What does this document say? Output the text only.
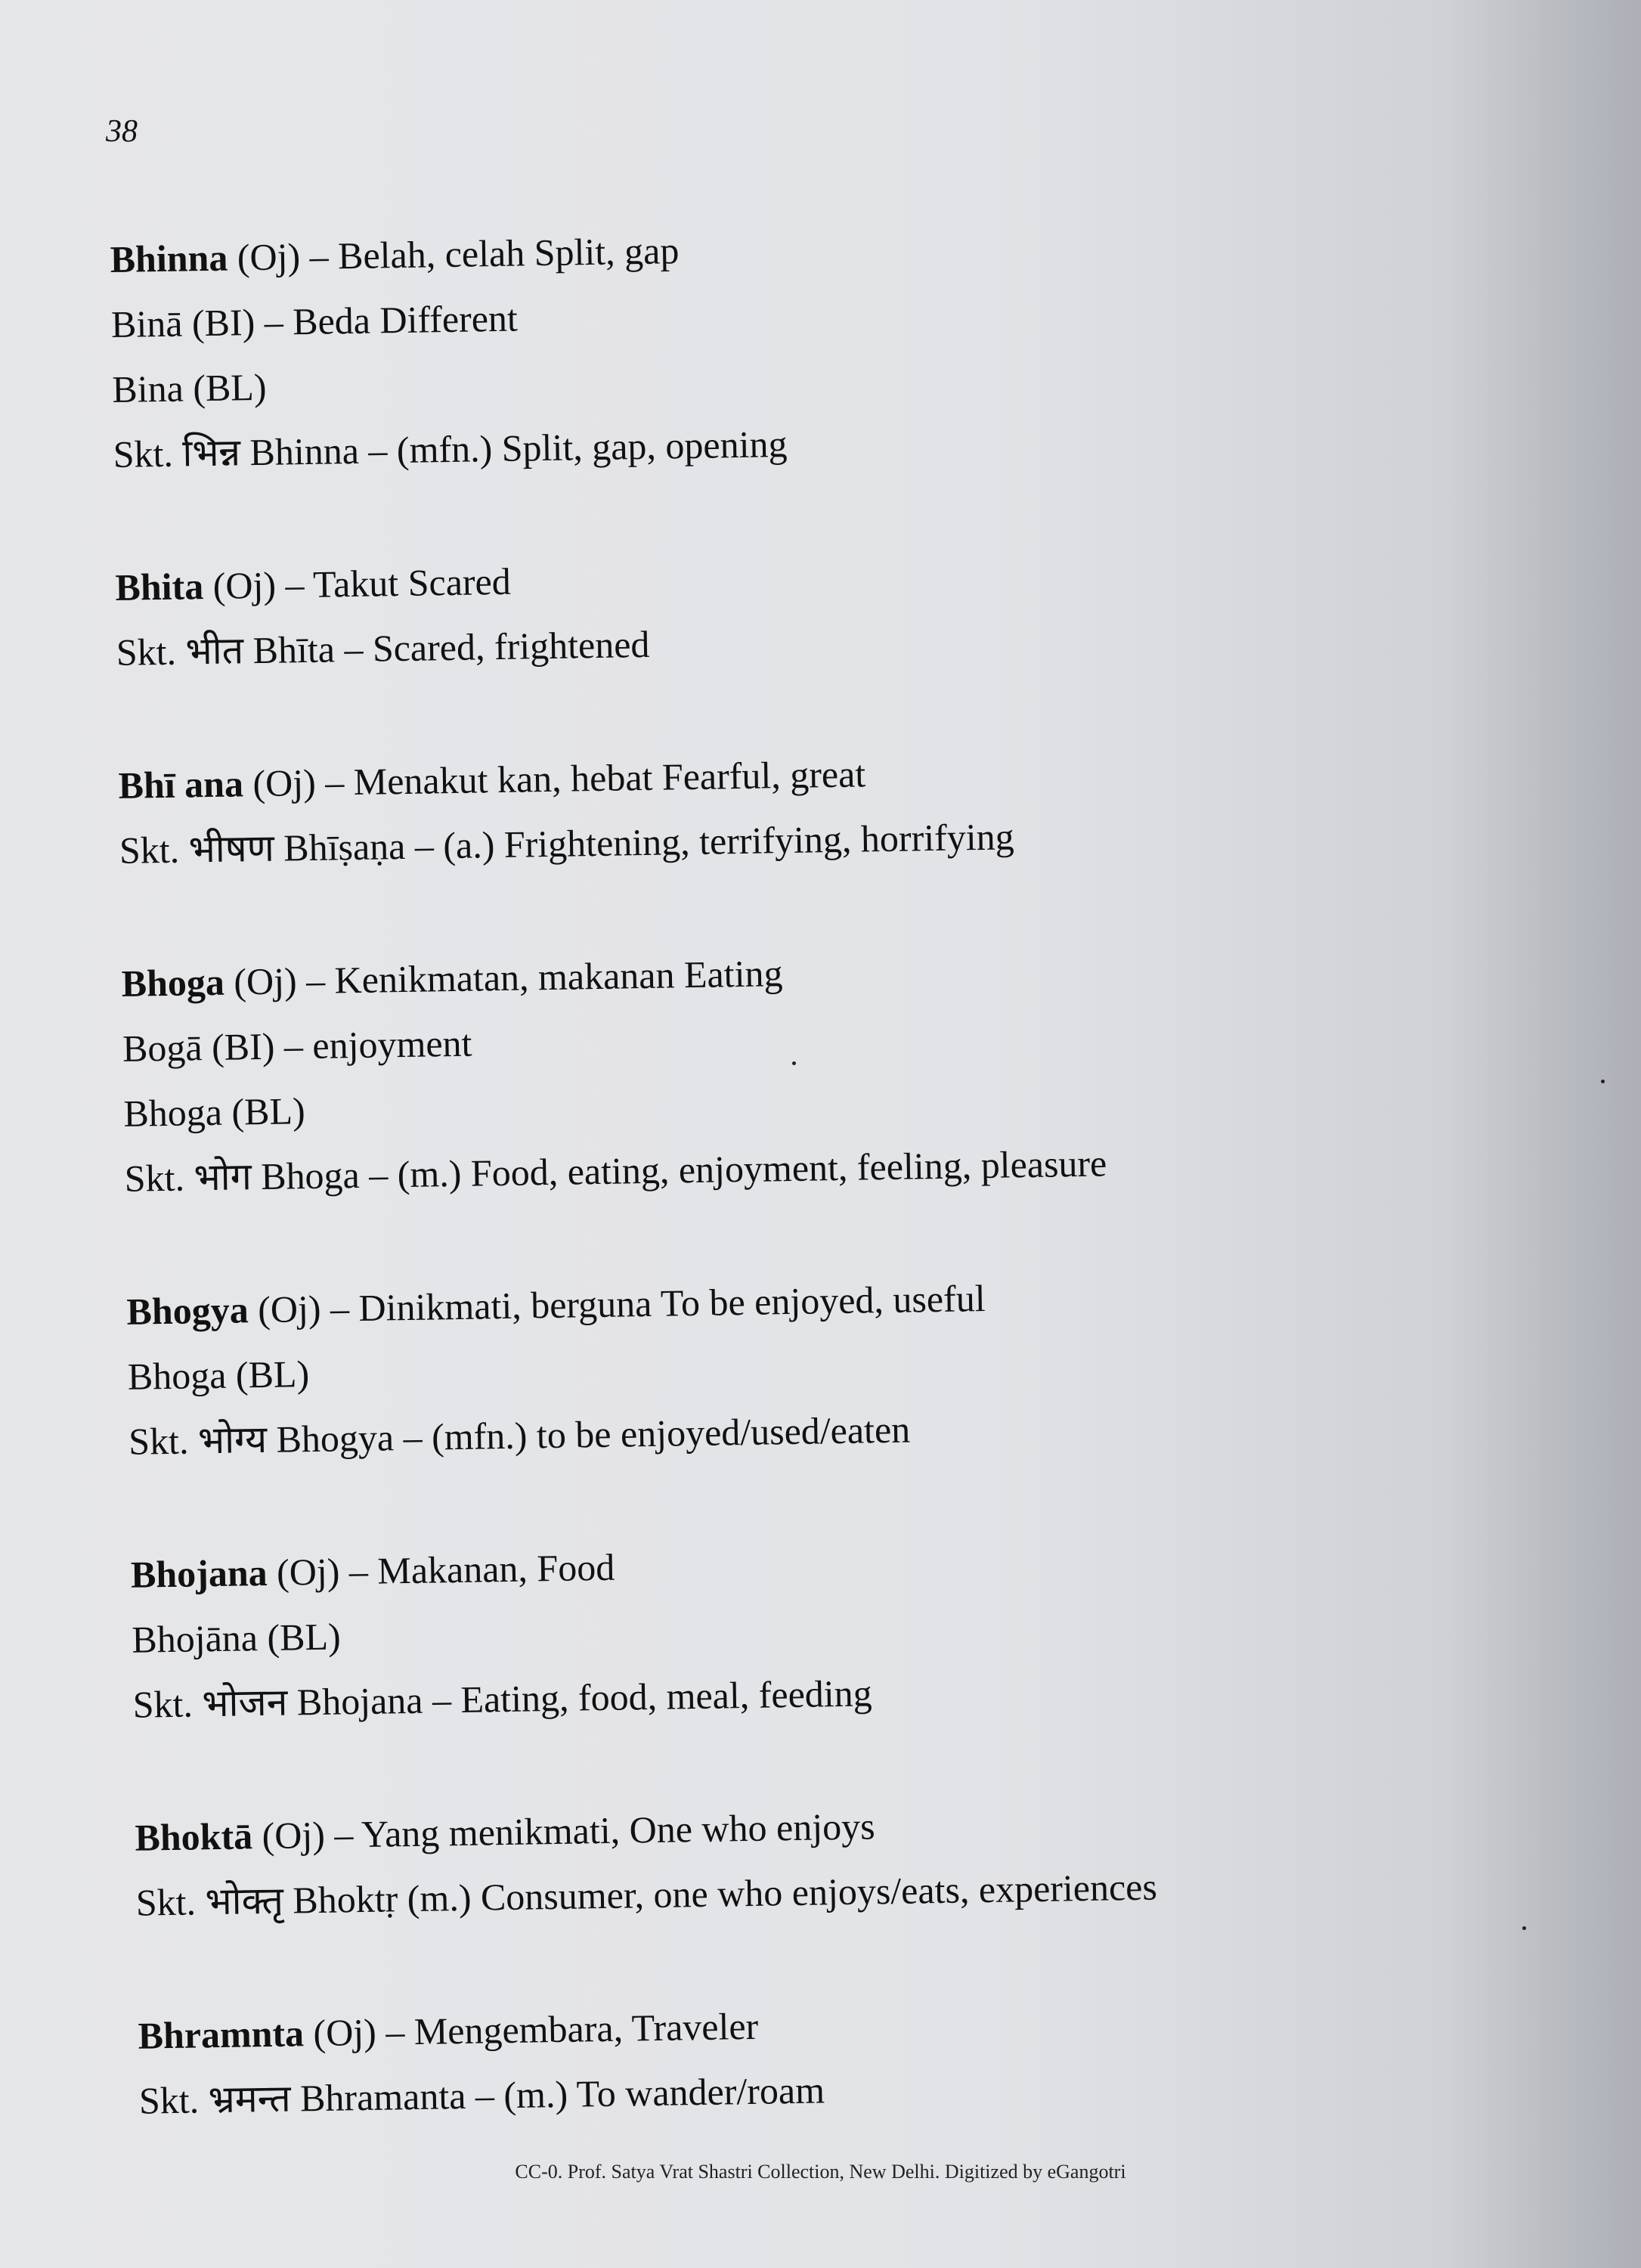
38
Bhinna (Oj) – Belah, celah Split, gap
Binā (BI) – Beda Different
Bina (BL)
Skt. भिन्न Bhinna – (mfn.) Split, gap, opening
Bhita (Oj) – Takut Scared
Skt. भीत Bhīta – Scared, frightened
Bhī ana (Oj) – Menakut kan, hebat Fearful, great
Skt. भीषण Bhīṣaṇa – (a.) Frightening, terrifying, horrifying
Bhoga (Oj) – Kenikmatan, makanan Eating
Bogā (BI) – enjoyment
Bhoga (BL)
Skt. भोग Bhoga – (m.) Food, eating, enjoyment, feeling, pleasure
Bhogya (Oj) – Dinikmati, berguna To be enjoyed, useful
Bhoga (BL)
Skt. भोग्य Bhogya – (mfn.) to be enjoyed/used/eaten
Bhojana (Oj) – Makanan, Food
Bhojāna (BL)
Skt. भोजन Bhojana – Eating, food, meal, feeding
Bhoktā (Oj) – Yang menikmati, One who enjoys
Skt. भोक्तृ Bhoktṛ (m.) Consumer, one who enjoys/eats, experiences
Bhramnta (Oj) – Mengembara, Traveler
Skt. भ्रमन्त Bhramanta – (m.) To wander/roam
CC-0. Prof. Satya Vrat Shastri Collection, New Delhi. Digitized by eGangotri
